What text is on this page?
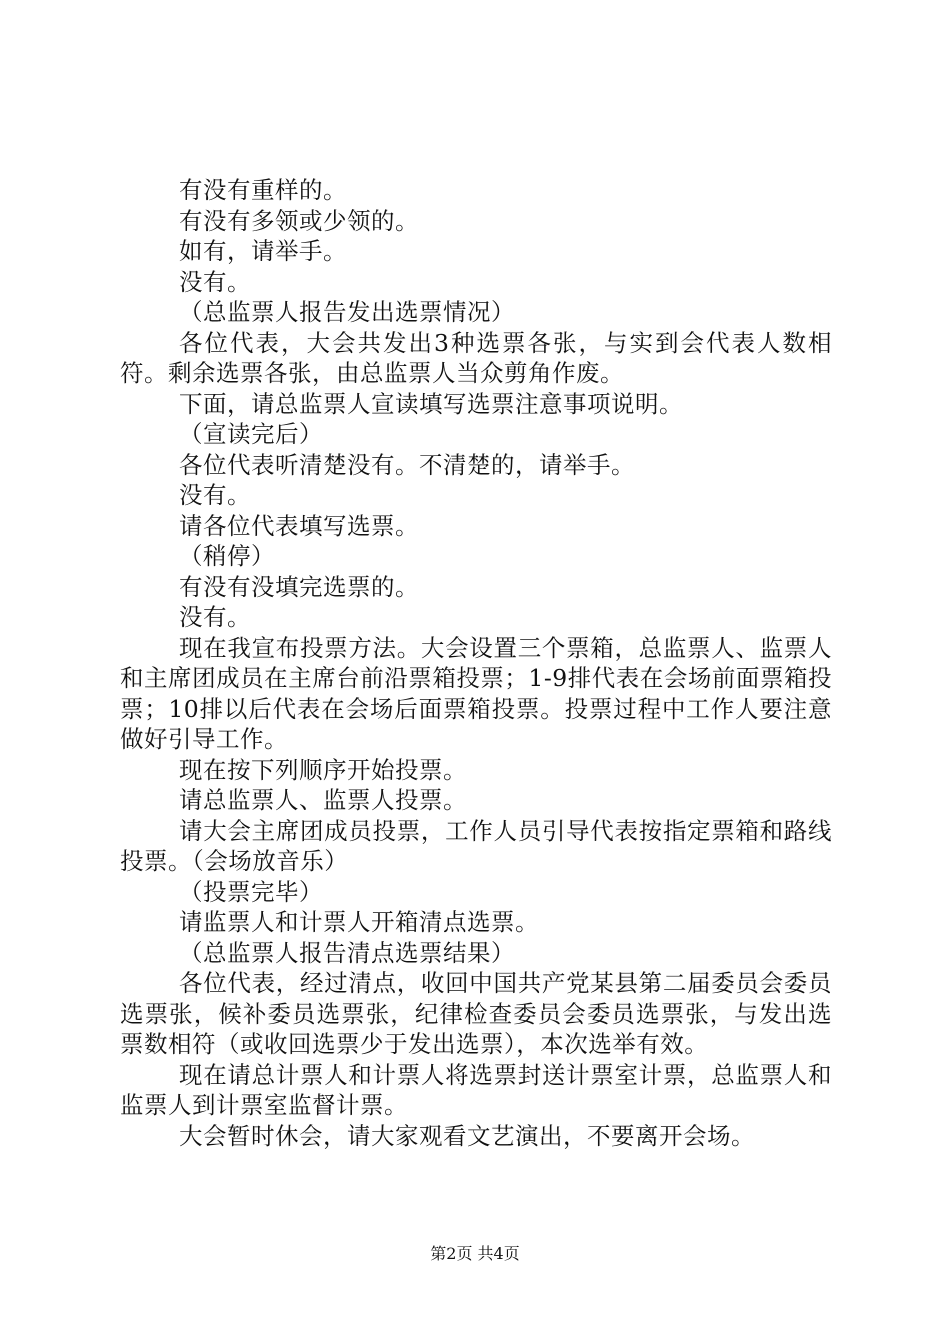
有没有重样的。

有没有多领或少领的。

如有，请举手。

没有。

（总监票人报告发出选票情况）

各位代表，大会共发出3种选票各张，与实到会代表人数相符。剩余选票各张，由总监票人当众剪角作废。

下面，请总监票人宣读填写选票注意事项说明。

（宣读完后）

各位代表听清楚没有。不清楚的，请举手。

没有。

请各位代表填写选票。

（稍停）

有没有没填完选票的。

没有。

现在我宣布投票方法。大会设置三个票箱，总监票人、监票人和主席团成员在主席台前沿票箱投票；1-9排代表在会场前面票箱投票；10排以后代表在会场后面票箱投票。投票过程中工作人要注意做好引导工作。

现在按下列顺序开始投票。

请总监票人、监票人投票。

请大会主席团成员投票，工作人员引导代表按指定票箱和路线投票。（会场放音乐）

（投票完毕）

请监票人和计票人开箱清点选票。

（总监票人报告清点选票结果）

各位代表，经过清点，收回中国共产党某县第二届委员会委员选票张，候补委员选票张，纪律检查委员会委员选票张，与发出选票数相符（或收回选票少于发出选票），本次选举有效。

现在请总计票人和计票人将选票封送计票室计票，总监票人和监票人到计票室监督计票。

大会暂时休会，请大家观看文艺演出，不要离开会场。

第2页 共4页
